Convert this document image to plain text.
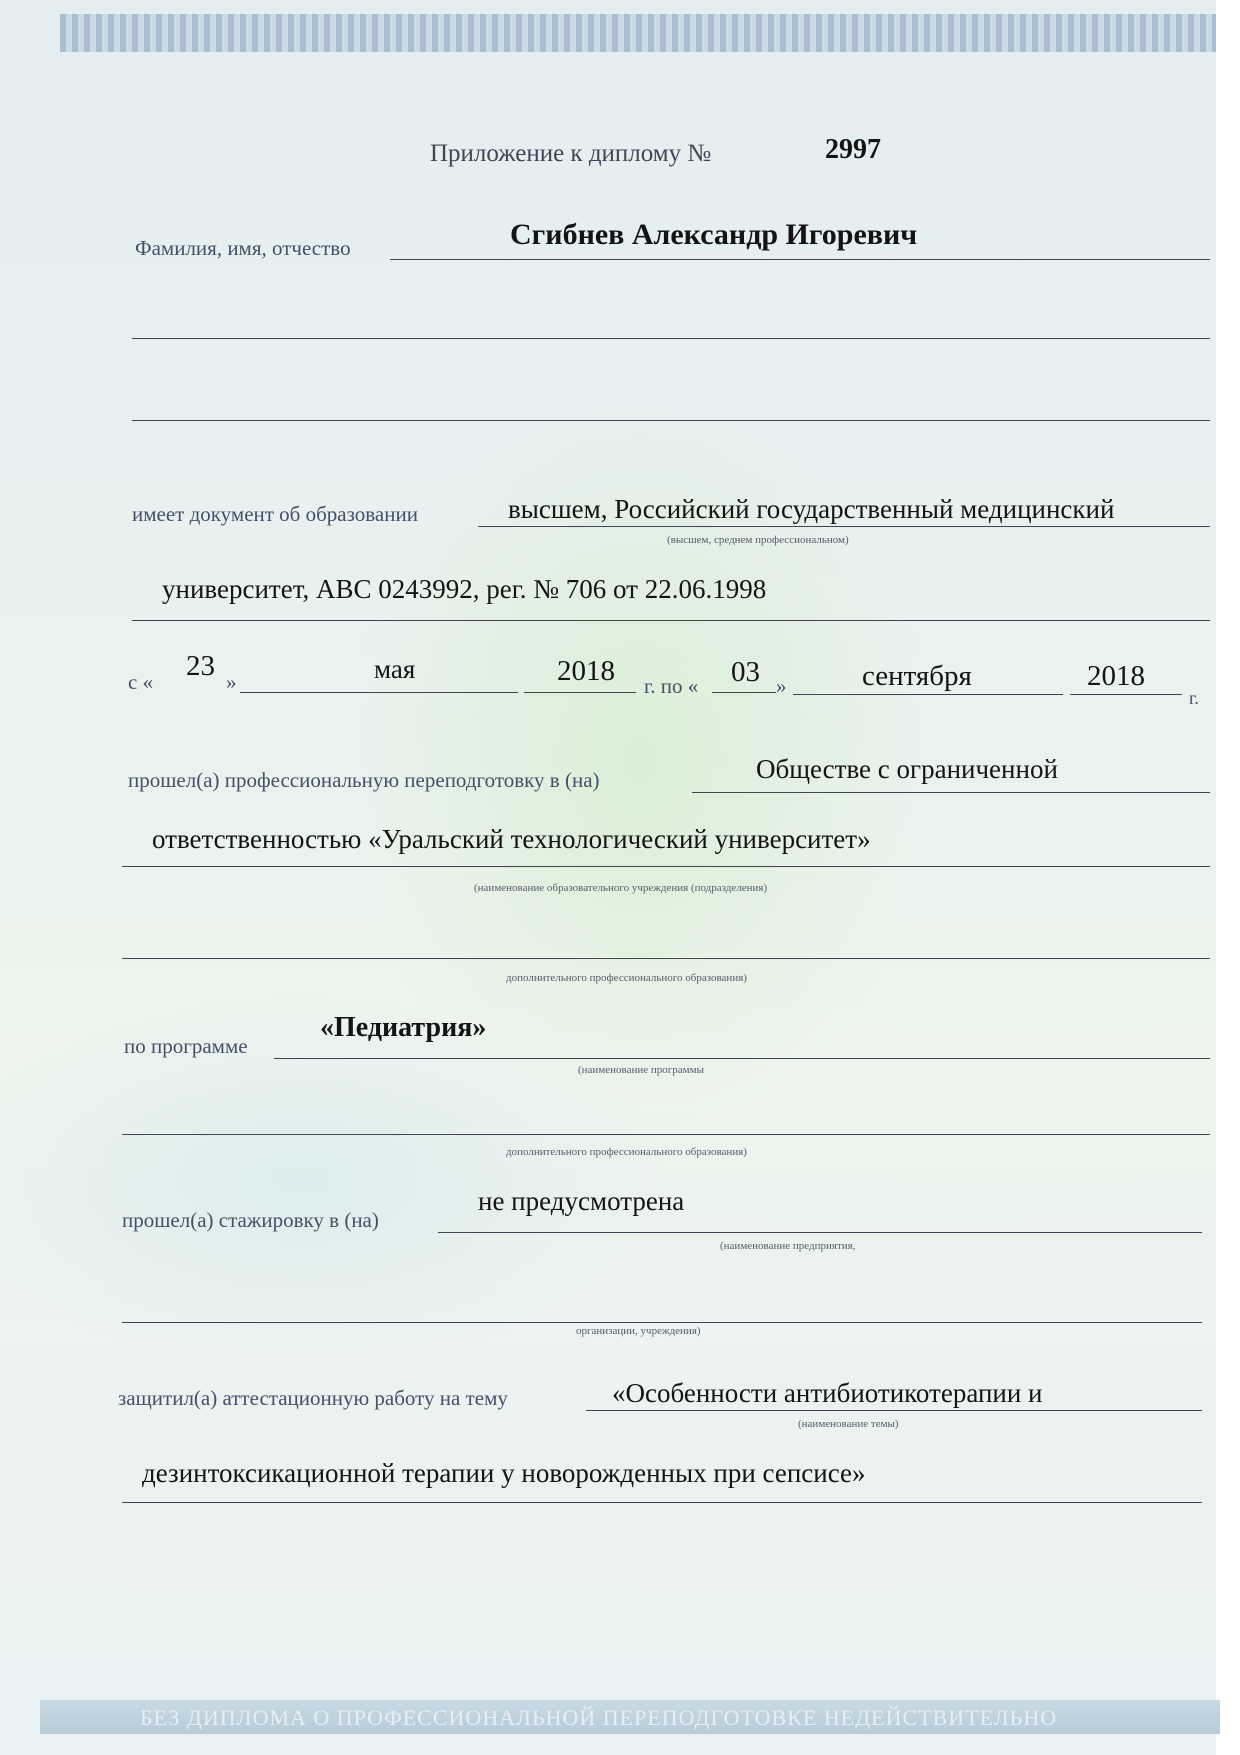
Приложение к диплому №	2997
Фамилия, имя, отчество	Сгибнев Александр Игоревич
имеет документ об образовании	высшем, Российский государственный медицинский
(высшем, среднем профессиональном)
университет, АВС 0243992, рег. № 706 от 22.06.1998
с « 23 »	мая	2018 г. по « 03 »	сентября	2018
г.
прошел(а) профессиональную переподготовку в (на)	Обществе с ограниченной
ответственностью «Уральский технологический университет»
(наименование образовательного учреждения (подразделения)
дополнительного профессионального образования)
по программе
«Педиатрия»
(наименование программы
дополнительного профессионального образования)
прошел(а) стажировку в (на)
не предусмотрена
(наименование предприятия,
организации, учреждения)
защитил(а) аттестационную работу на тему	«Особенности антибиотикотерапии и
(наименование темы)
дезинтоксикационной терапии у новорожденных при сепсисе»
БЕЗ ДИПЛОМА О ПРОФЕССИОНАЛЬНОЙ ПЕРЕПОДГОТОВКЕ НЕДЕЙСТВИТЕЛЬНО
